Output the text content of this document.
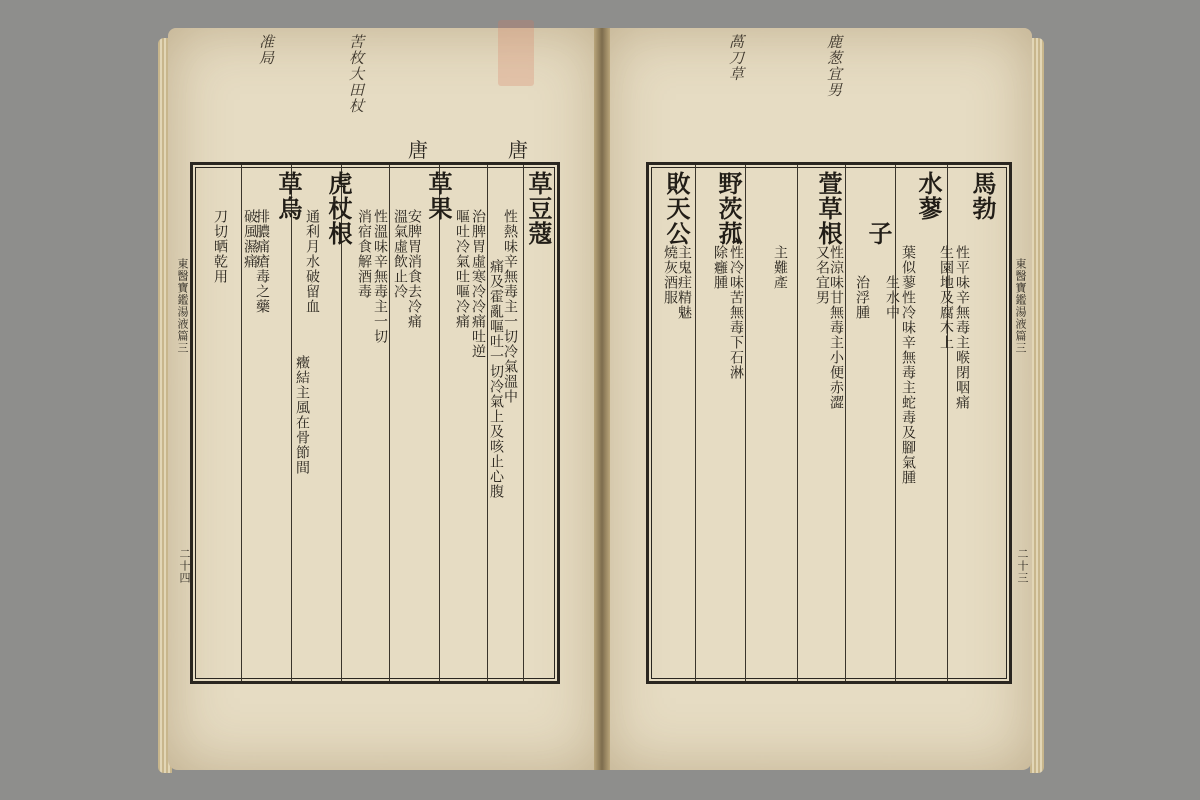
准局	苦枚大田杖
唐	唐
草豆蔻
草果
虎杖根
草烏
性熱味辛無毒主一切冷氣溫中
痛及霍亂嘔吐一切冷氣上及咳止心腹
治脾胃虛寒冷冷痛吐逆
嘔吐冷氣吐嘔冷痛
安脾胃消食去冷痛
溫氣虛飲止冷
性溫味辛無毒主一切
消宿食解酒毒
通利月水破留血
癥結主風在骨節間
排膿痛瘡毒之藥
破風濕痛
刀切晒乾用
東醫寶鑑湯液篇三
二十四
鹿葱宜男
萵刀草
馬勃
水蓼
子
萱草根
野茨菰
敗天公
性平味辛無毒主喉閉咽痛
生園地及腐木上
葉似蓼性冷味辛無毒主蛇毒及腳氣腫
生水中
治浮腫
性涼味甘無毒主小便赤澀
又名宜男
主難產
性冷味苦無毒下石淋
除癰腫
主鬼疰精魅
燒灰酒服	東醫寶鑑湯液篇三
二十三
